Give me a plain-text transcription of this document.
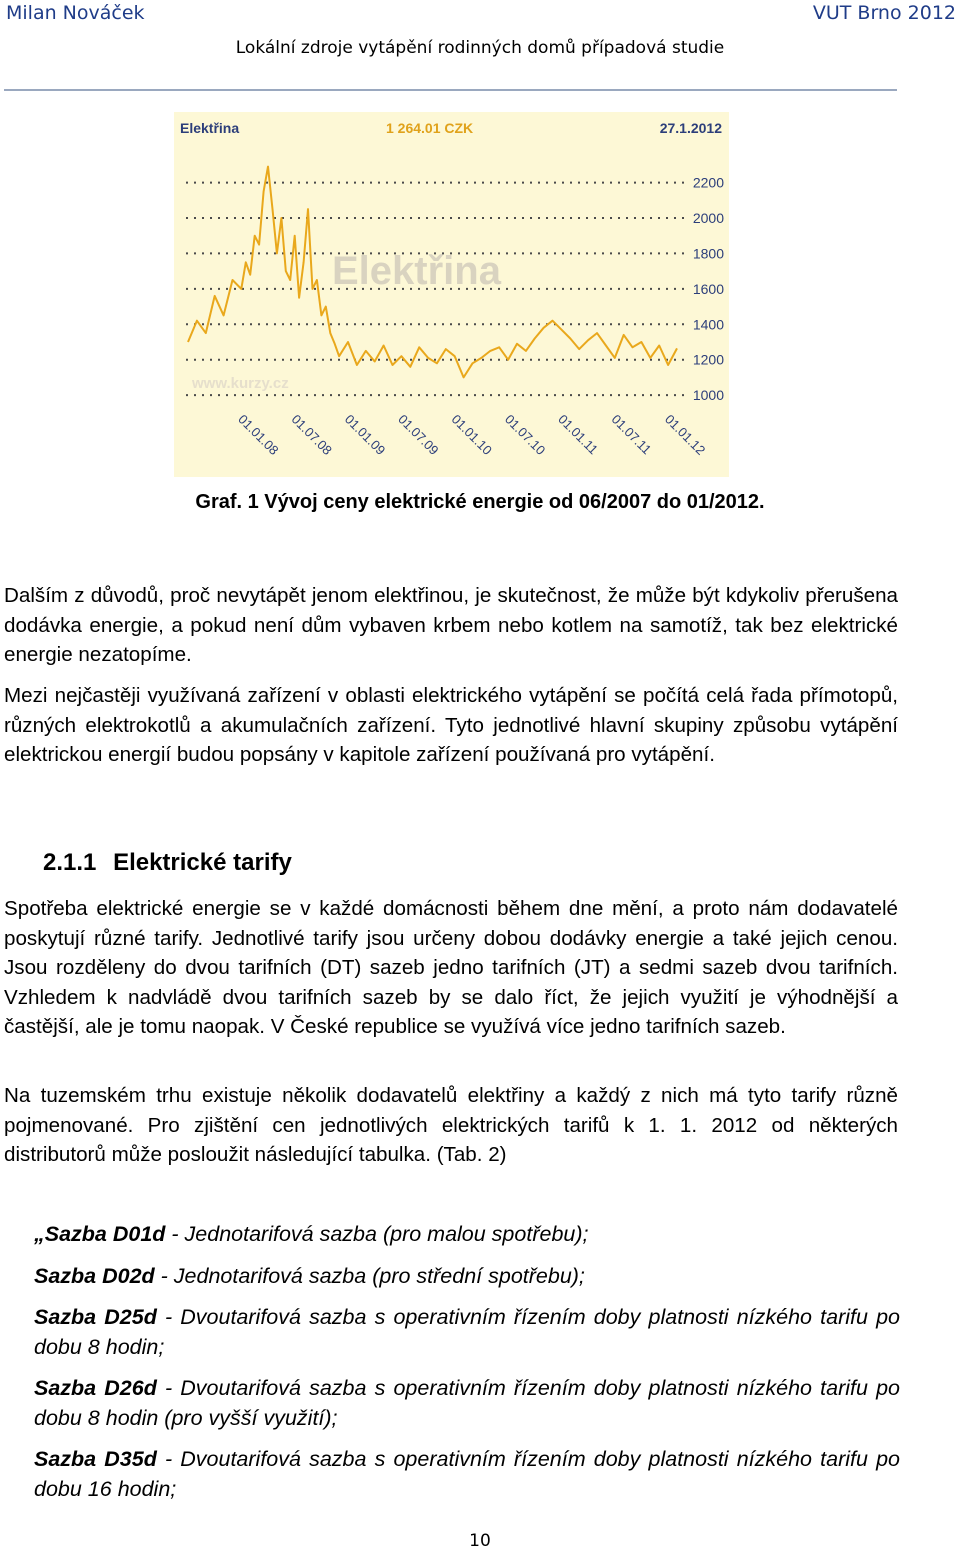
Milan Nováček	VUT Brno 2012
Lokální zdroje vytápění rodinných domů případová studie
Elektřina
www.kurzy.cz
2200
2000
1800
1600
1400
1200
1000
01.01.08 01.07.08 01.01.09 01.07.09 01.01.10 01.07.10 01.01.11 01.07.11 01.01.12
Elektřina	1 264.01 CZK	27.1.2012
Graf. 1 Vývoj ceny elektrické energie od 06/2007 do 01/2012.

Dalším z důvodů, proč nevytápět jenom elektřinou, je skutečnost, že může být kdykoliv přerušena dodávka energie, a pokud není dům vybaven krbem nebo kotlem na samotíž, tak bez elektrické energie nezatopíme.

Mezi nejčastěji využívaná zařízení v oblasti elektrického vytápění se počítá celá řada přímotopů, různých elektrokotlů a akumulačních zařízení. Tyto jednotlivé hlavní skupiny způsobu vytápění elektrickou energií budou popsány v kapitole zařízení používaná pro vytápění.

2.1.1 Elektrické tarify

Spotřeba elektrické energie se v každé domácnosti během dne mění, a proto nám dodavatelé poskytují různé tarify. Jednotlivé tarify jsou určeny dobou dodávky energie a také jejich cenou. Jsou rozděleny do dvou tarifních (DT) sazeb jedno tarifních (JT) a sedmi sazeb dvou tarifních. Vzhledem k nadvládě dvou tarifních sazeb by se dalo říct, že jejich využití je výhodnější a častější, ale je tomu naopak. V České republice se využívá více jedno tarifních sazeb.

Na tuzemském trhu existuje několik dodavatelů elektřiny a každý z nich má tyto tarify různě pojmenované. Pro zjištění cen jednotlivých elektrických tarifů k 1. 1. 2012 od některých distributorů může posloužit následující tabulka. (Tab. 2)

„Sazba D01d - Jednotarifová sazba (pro malou spotřebu);
Sazba D02d - Jednotarifová sazba (pro střední spotřebu);
Sazba D25d - Dvoutarifová sazba s operativním řízením doby platnosti nízkého tarifu po dobu 8 hodin;
Sazba D26d - Dvoutarifová sazba s operativním řízením doby platnosti nízkého tarifu po dobu 8 hodin (pro vyšší využití);
Sazba D35d - Dvoutarifová sazba s operativním řízením doby platnosti nízkého tarifu po dobu 16 hodin;
10
